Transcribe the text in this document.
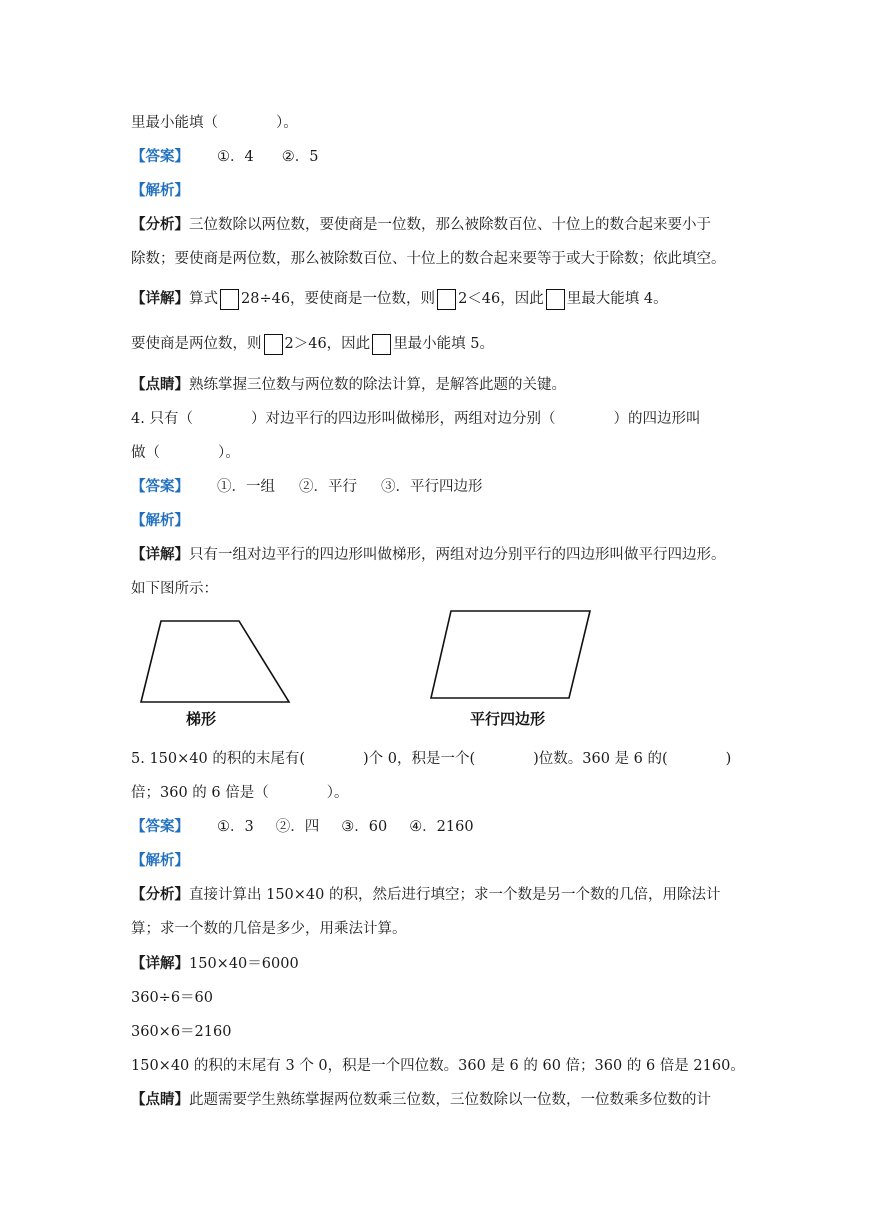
里最小能填（　　　　）。
【答案】 ①．4 ②．5
【解析】
【分析】三位数除以两位数，要使商是一位数，那么被除数百位、十位上的数合起来要小于
除数；要使商是两位数，那么被除数百位、十位上的数合起来要等于或大于除数；依此填空。
【详解】算式 28÷46，要使商是一位数，则 2＜46，因此 里最大能填 4。
要使商是两位数，则 2＞46，因此 里最小能填 5。
【点睛】熟练掌握三位数与两位数的除法计算，是解答此题的关键。
4. 只有（　　　　）对边平行的四边形叫做梯形，两组对边分别（　　　　）的四边形叫
做（　　　　）。
【答案】 ①．一组 ②．平行 ③．平行四边形
【解析】
【详解】只有一组对边平行的四边形叫做梯形，两组对边分别平行的四边形叫做平行四边形。
如下图所示：
梯形	平行四边形
5. 150×40 的积的末尾有(　　　　)个 0，积是一个(　　　　)位数。360 是 6 的(　　　　)
倍；360 的 6 倍是（　　　　）。
【答案】 ①．3 ②．四 ③．60 ④．2160
【解析】
【分析】直接计算出 150×40 的积，然后进行填空；求一个数是另一个数的几倍，用除法计
算；求一个数的几倍是多少，用乘法计算。
【详解】150×40＝6000
360÷6＝60
360×6＝2160
150×40 的积的末尾有 3 个 0，积是一个四位数。360 是 6 的 60 倍；360 的 6 倍是 2160。
【点睛】此题需要学生熟练掌握两位数乘三位数，三位数除以一位数，一位数乘多位数的计
